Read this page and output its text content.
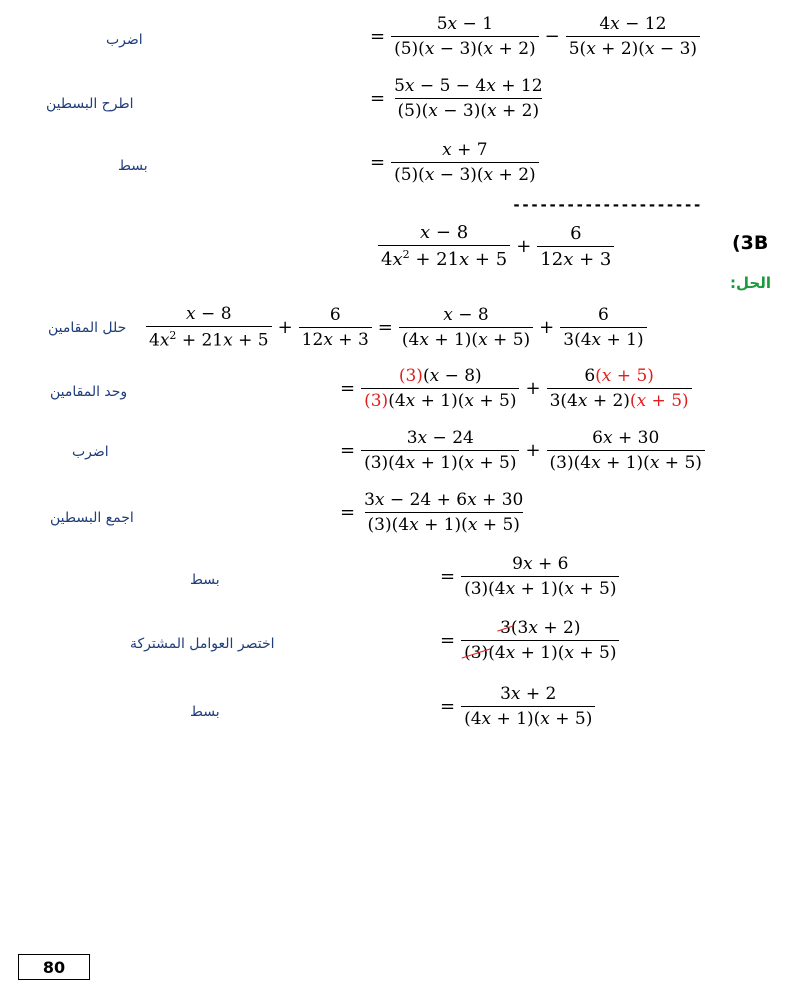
اضرب	= $\frac{5x - 1}{(5)(x - 3)(x + 2)} - \frac{4x - 12}{5(x + 2)(x - 3)}$
اطرح البسطين	= $\frac{5x - 5 - 4x + 12}{(5)(x - 3)(x + 2)}$
بسط	= $\frac{x + 7}{(5)(x - 3)(x + 2)}$
---------------------
$\frac{x - 8}{4x^2 + 21x + 5} + \frac{6}{12x + 3}$	(3B
الحل:
حلل المقامين $\frac{x - 8}{4x^2 + 21x + 5} + \frac{6}{12x + 3} = \frac{x - 8}{(4x + 1)(x + 5)} + \frac{6}{3(4x + 1)}$
وحد المقامين	= $\frac{(3)(x - 8)}{(3)(4x + 1)(x + 5)} + \frac{6(x + 5)}{3(4x + 2)(x + 5)}$
اضرب	= $\frac{3x - 24}{(3)(4x + 1)(x + 5)} + \frac{6x + 30}{(3)(4x + 1)(x + 5)}$
اجمع البسطين	= $\frac{3x - 24 + 6x + 30}{(3)(4x + 1)(x + 5)}$
بسط	= $\frac{9x + 6}{(3)(4x + 1)(x + 5)}$
اختصر العوامل المشتركة	= $\frac{3(3x + 2)}{(3)(4x + 1)(x + 5)}$
بسط	= $\frac{3x + 2}{(4x + 1)(x + 5)}$
80
